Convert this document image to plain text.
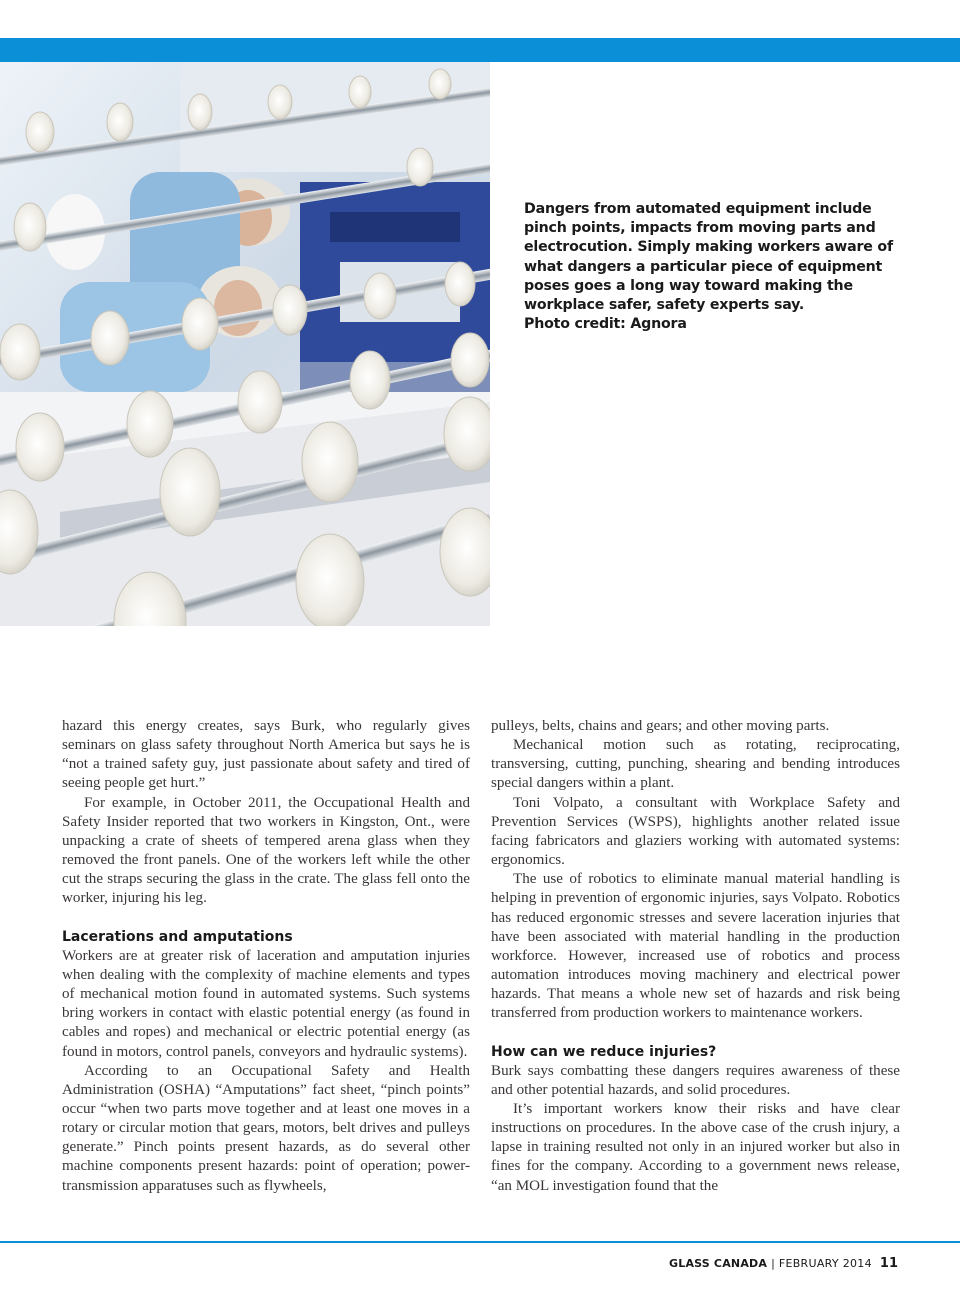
Dangers from automated equipment include
pinch points, impacts from moving parts and
electrocution. Simply making workers aware of
what dangers a particular piece of equipment
poses goes a long way toward making the
workplace safer, safety experts say.
Photo credit: Agnora

hazard this energy creates, says Burk, who regularly gives seminars on glass safety throughout North America but says he is “not a trained safety guy, just passionate about safety and tired of seeing people get hurt.”

For example, in October 2011, the Occupational Health and Safety Insider reported that two workers in Kingston, Ont., were unpacking a crate of sheets of tempered arena glass when they removed the front panels. One of the workers left while the other cut the straps securing the glass in the crate. The glass fell onto the worker, injuring his leg.

Lacerations and amputations

Workers are at greater risk of laceration and amputation injuries when dealing with the complexity of machine elements and types of mechanical motion found in automated systems. Such systems bring workers in contact with elastic potential energy (as found in cables and ropes) and mechanical or electric potential energy (as found in motors, control panels, conveyors and hydraulic systems).

According to an Occupational Safety and Health Administration (OSHA) “Amputations” fact sheet, “pinch points” occur “when two parts move together and at least one moves in a rotary or circular motion that gears, motors, belt drives and pulleys generate.” Pinch points present hazards, as do several other machine components present hazards: point of operation; power-transmission apparatuses such as flywheels,

pulleys, belts, chains and gears; and other moving parts.

Mechanical motion such as rotating, reciprocating, transversing, cutting, punching, shearing and bending introduces special dangers within a plant.

Toni Volpato, a consultant with Workplace Safety and Prevention Services (WSPS), highlights another related issue facing fabricators and glaziers working with automated systems: ergonomics.

The use of robotics to eliminate manual material handling is helping in prevention of ergonomic injuries, says Volpato. Robotics has reduced ergonomic stresses and severe laceration injuries that have been associated with material handling in the production workforce. However, increased use of robotics and process automation introduces moving machinery and electrical power hazards. That means a whole new set of hazards and risk being transferred from production workers to maintenance workers.

How can we reduce injuries?

Burk says combatting these dangers requires awareness of these and other potential hazards, and solid procedures.

It’s important workers know their risks and have clear instructions on procedures. In the above case of the crush injury, a lapse in training resulted not only in an injured worker but also in fines for the company. According to a government news release, “an MOL investigation found that the

GLASS CANADA | FEBRUARY 2014 11
